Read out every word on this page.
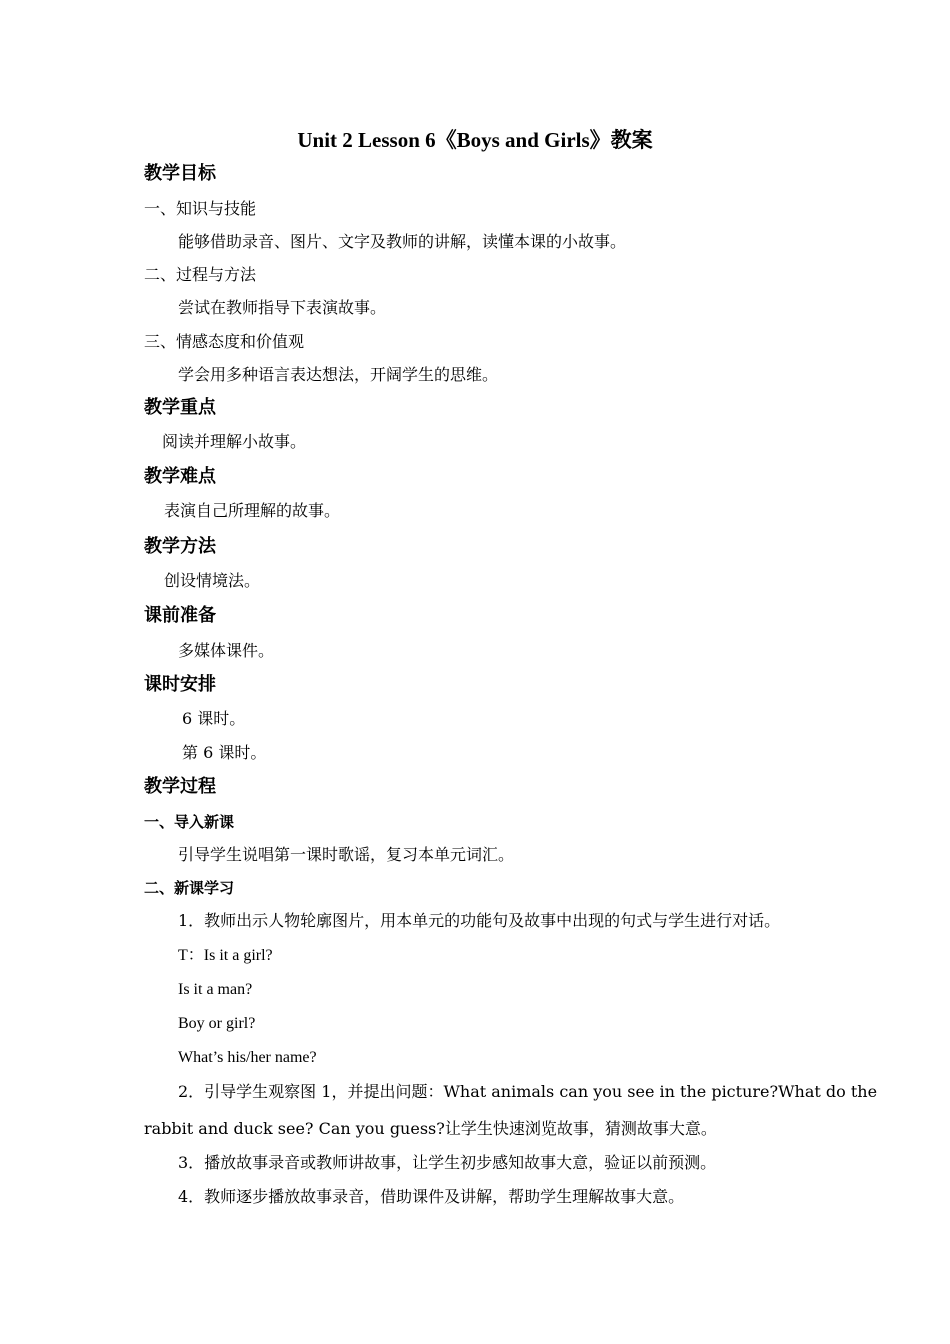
Unit 2 Lesson 6《Boys and Girls》教案
教学目标
一、知识与技能
能够借助录音、图片、文字及教师的讲解，读懂本课的小故事。
二、过程与方法
尝试在教师指导下表演故事。
三、情感态度和价值观
学会用多种语言表达想法，开阔学生的思维。
教学重点
阅读并理解小故事。
教学难点
表演自己所理解的故事。
教学方法
创设情境法。
课前准备
多媒体课件。
课时安排
6 课时。
第 6 课时。
教学过程
一、导入新课
引导学生说唱第一课时歌谣，复习本单元词汇。
二、新课学习
1．教师出示人物轮廓图片，用本单元的功能句及故事中出现的句式与学生进行对话。
T：Is it a girl?
Is it a man?
Boy or girl?
What’s his/her name?
2．引导学生观察图 1，并提出问题：What animals can you see in the picture?What do the
rabbit and duck see? Can you guess?让学生快速浏览故事，猜测故事大意。
3．播放故事录音或教师讲故事，让学生初步感知故事大意，验证以前预测。
4．教师逐步播放故事录音，借助课件及讲解，帮助学生理解故事大意。
